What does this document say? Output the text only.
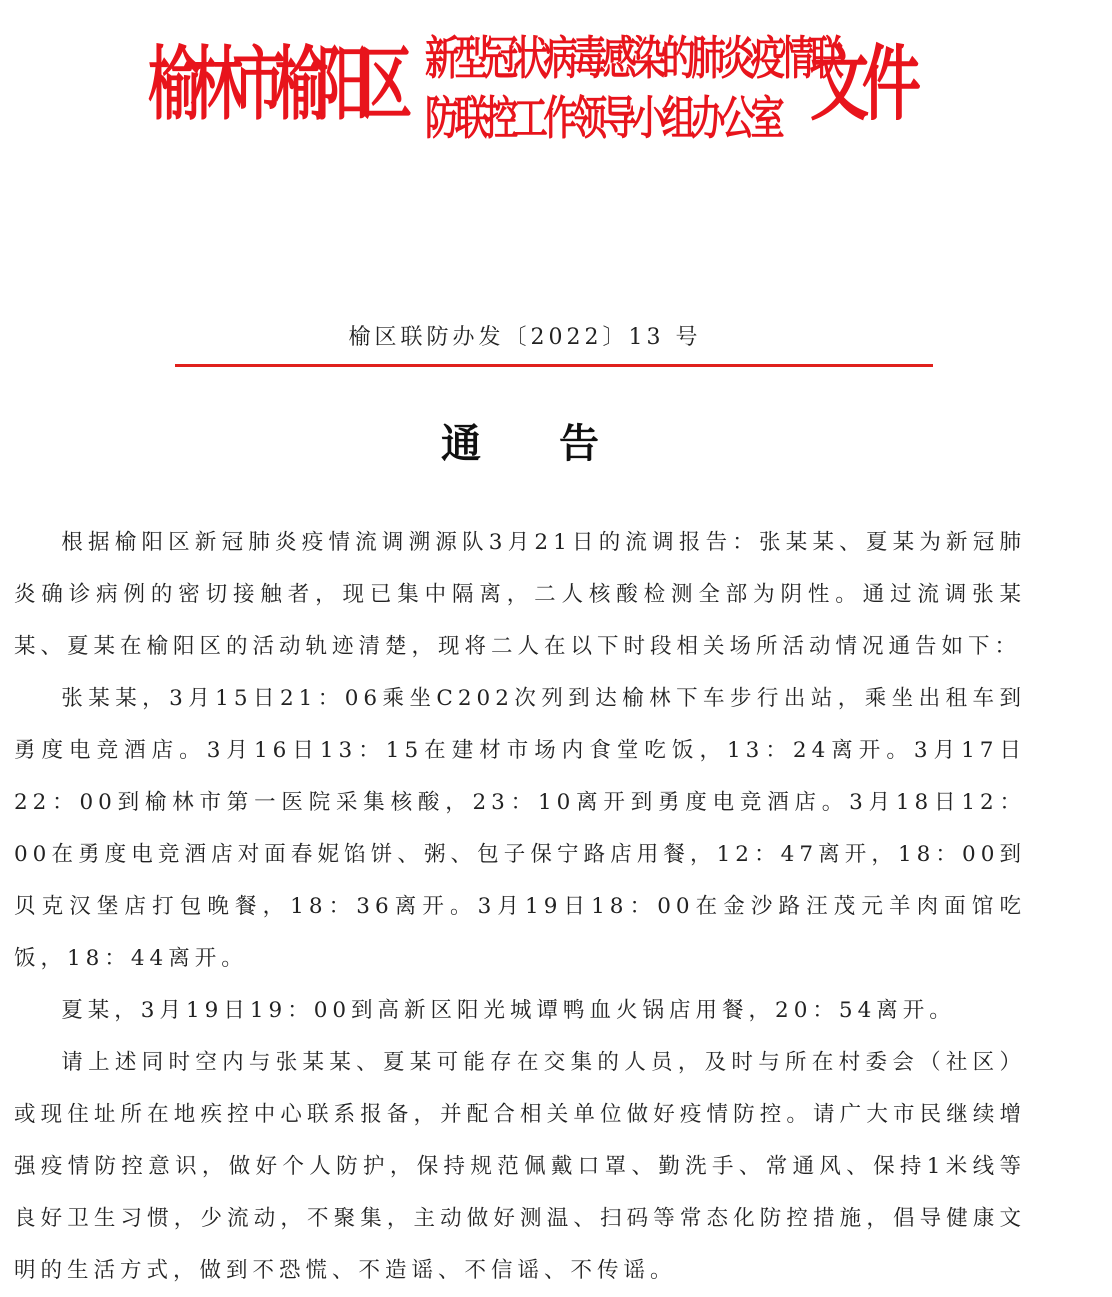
榆林市榆阳区 新型冠状病毒感染的肺炎疫情联
防联控工作领导小组办公室 文件
榆区联防办发〔2022〕13 号
通告

根据榆阳区新冠肺炎疫情流调溯源队3月21日的流调报告：张某某、夏某为新冠肺炎确诊病例的密切接触者，现已集中隔离，二人核酸检测全部为阴性。通过流调张某某、夏某在榆阳区的活动轨迹清楚，现将二人在以下时段相关场所活动情况通告如下：

张某某，3月15日21：06乘坐C202次列到达榆林下车步行出站，乘坐出租车到勇度电竞酒店。3月16日13：15在建材市场内食堂吃饭，13：24离开。3月17日22：00到榆林市第一医院采集核酸，23：10离开到勇度电竞酒店。3月18日12：00在勇度电竞酒店对面春妮馅饼、粥、包子保宁路店用餐，12：47离开，18：00到贝克汉堡店打包晚餐，18：36离开。3月19日18：00在金沙路汪茂元羊肉面馆吃饭，18：44离开。

夏某，3月19日19：00到高新区阳光城谭鸭血火锅店用餐，20：54离开。

请上述同时空内与张某某、夏某可能存在交集的人员，及时与所在村委会（社区）或现住址所在地疾控中心联系报备，并配合相关单位做好疫情防控。请广大市民继续增强疫情防控意识，做好个人防护，保持规范佩戴口罩、勤洗手、常通风、保持1米线等良好卫生习惯，少流动，不聚集，主动做好测温、扫码等常态化防控措施，倡导健康文明的生活方式，做到不恐慌、不造谣、不信谣、不传谣。
